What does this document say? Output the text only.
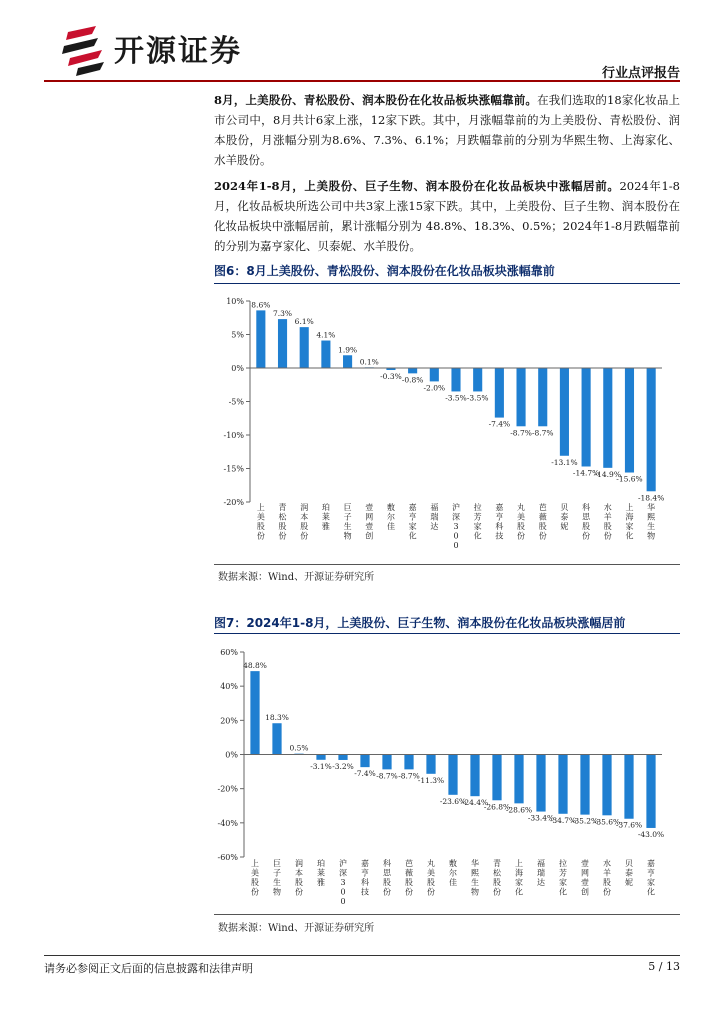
开源证券
行业点评报告
8月，上美股份、青松股份、润本股份在化妆品板块涨幅靠前。在我们选取的18家化妆品上市公司中，8月共计6家上涨，12家下跌。其中，月涨幅靠前的为上美股份、青松股份、润本股份，月涨幅分别为8.6%、7.3%、6.1%；月跌幅靠前的分别为华熙生物、上海家化、水羊股份。
2024年1-8月，上美股份、巨子生物、润本股份在化妆品板块中涨幅居前。2024年1-8月，化妆品板块所选公司中共3家上涨15家下跌。其中，上美股份、巨子生物、润本股份在化妆品板块中涨幅居前，累计涨幅分别为 48.8%、18.3%、0.5%；2024年1-8月跌幅靠前的分别为嘉亨家化、贝泰妮、水羊股份。
图6：8月上美股份、青松股份、润本股份在化妆品板块涨幅靠前
10%
5%
0%
-5%
-10%
-15%
-20%
8.6%
上
美
股
份
7.3%
青
松
股
份
6.1%
润
本
股
份
4.1%
珀
莱
雅
1.9%
巨
子
生
物
0.1%
壹
网
壹
创
-0.3%
敷
尔
佳
-0.8%
嘉
亨
家
化
-2.0%
福
瑞
达
-3.5%
沪
深
3
0
0
-3.5%
拉
芳
家
化
-7.4%
嘉
亨
科
技
-8.7%
丸
美
股
份
-8.7%
芭
薇
股
份
-13.1%
贝
泰
妮
-14.7%
科
思
股
份
-14.9%
水
羊
股
份
-15.6%
上
海
家
化
-18.4%
华
熙
生
物
数据来源：Wind、开源证券研究所
图7：2024年1-8月，上美股份、巨子生物、润本股份在化妆品板块涨幅居前
60%
40%
20%
0%
-20%
-40%
-60%
48.8%
上
美
股
份
18.3%
巨
子
生
物
0.5%
润
本
股
份
-3.1%
珀
莱
雅
-3.2%
沪
深
3
0
0
-7.4%
嘉
亨
科
技
-8.7%
科
思
股
份
-8.7%
芭
薇
股
份
-11.3%
丸
美
股
份
-23.6%
敷
尔
佳
-24.4%
华
熙
生
物
-26.8%
青
松
股
份
-28.6%
上
海
家
化
-33.4%
福
瑞
达
-34.7%
拉
芳
家
化
-35.2%
壹
网
壹
创
-35.6%
水
羊
股
份
-37.6%
贝
泰
妮
-43.0%
嘉
亨
家
化
数据来源：Wind、开源证券研究所
请务必参阅正文后面的信息披露和法律声明	5 / 13
